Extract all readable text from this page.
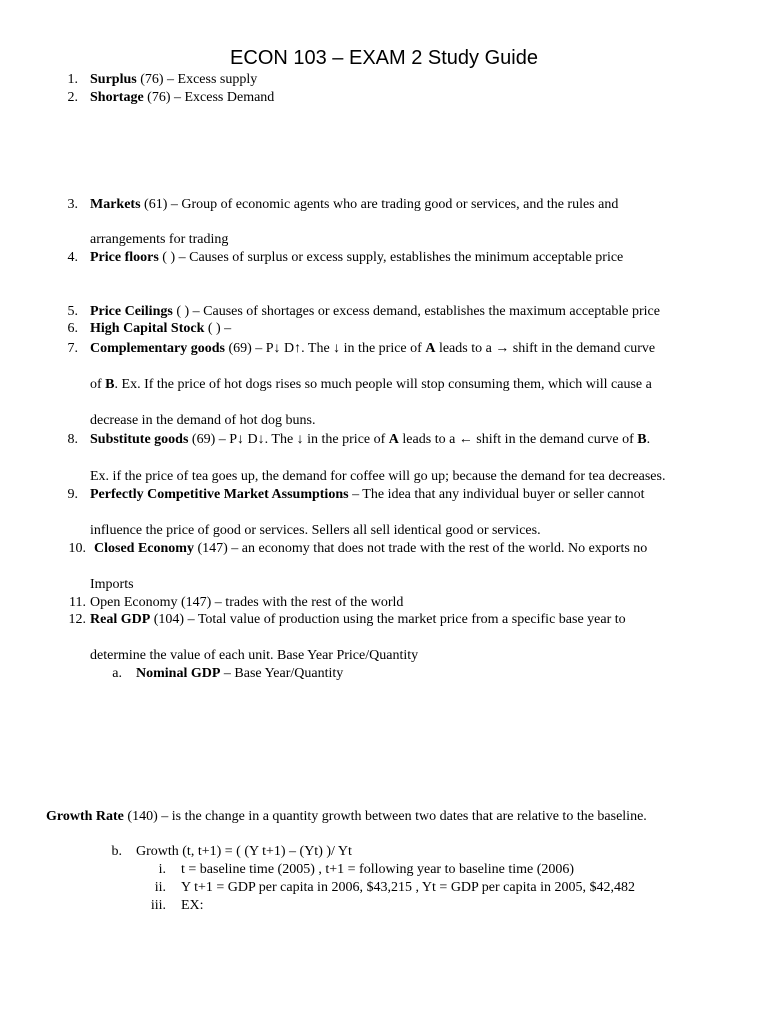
ECON 103 – EXAM 2 Study Guide
1. Surplus (76) – Excess supply
2. Shortage (76) – Excess Demand
3. Markets (61) – Group of economic agents who are trading good or services, and the rules and
arrangements for trading
4. Price floors ( ) – Causes of surplus or excess supply, establishes the minimum acceptable price
5. Price Ceilings ( ) – Causes of shortages or excess demand, establishes the maximum acceptable price
6. High Capital Stock ( ) –
7. Complementary goods (69) – P↓ D↑. The ↓ in the price of A leads to a → shift in the demand curve
of B. Ex. If the price of hot dogs rises so much people will stop consuming them, which will cause a
decrease in the demand of hot dog buns.
8. Substitute goods (69) – P↓ D↓. The ↓ in the price of A leads to a ← shift in the demand curve of B.
Ex. if the price of tea goes up, the demand for coffee will go up; because the demand for tea decreases.
9. Perfectly Competitive Market Assumptions – The idea that any individual buyer or seller cannot
influence the price of good or services. Sellers all sell identical good or services.
10. Closed Economy (147) – an economy that does not trade with the rest of the world. No exports no
Imports
11. Open Economy (147) – trades with the rest of the world
12. Real GDP (104) – Total value of production using the market price from a specific base year to
determine the value of each unit. Base Year Price/Quantity
a. Nominal GDP – Base Year/Quantity
Growth Rate (140) – is the change in a quantity growth between two dates that are relative to the baseline.
b. Growth (t, t+1) = ( (Y t+1) – (Yt) )/ Yt
i. t = baseline time (2005) , t+1 = following year to baseline time (2006)
ii. Y t+1 = GDP per capita in 2006, $43,215 , Yt = GDP per capita in 2005, $42,482
iii. EX:
